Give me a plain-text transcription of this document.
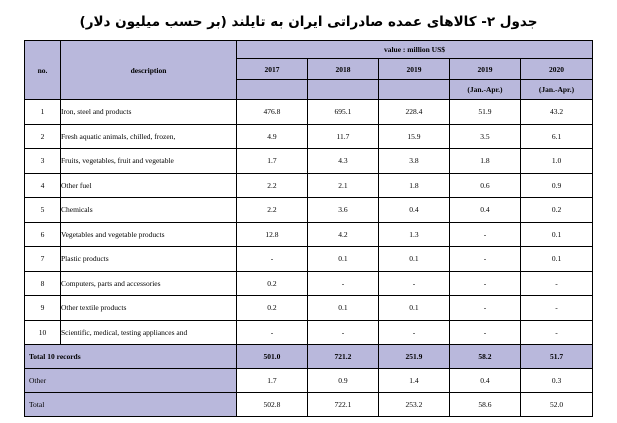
جدول ۲- کالاهای عمده صادراتی ایران به تایلند (بر حسب میلیون دلار)
no.	description	value : million US$				
		2017	2018	2019	2019	2020
					(Jan.-Apr.)	(Jan.-Apr.)
1	Iron, steel and products	476.8	695.1	228.4	51.9	43.2
2	Fresh aquatic animals, chilled, frozen,	4.9	11.7	15.9	3.5	6.1
3	Fruits, vegetables, fruit and vegetable	1.7	4.3	3.8	1.8	1.0
4	Other fuel	2.2	2.1	1.8	0.6	0.9
5	Chemicals	2.2	3.6	0.4	0.4	0.2
6	Vegetables and vegetable products	12.8	4.2	1.3	-	0.1
7	Plastic products	-	0.1	0.1	-	0.1
8	Computers, parts and accessories	0.2	-	-	-	-
9	Other textile products	0.2	0.1	0.1	-	-
10	Scientific, medical, testing appliances and	-	-	-	-	-
Total 10 records		501.0	721.2	251.9	58.2	51.7
Other		1.7	0.9	1.4	0.4	0.3
Total		502.8	722.1	253.2	58.6	52.0
